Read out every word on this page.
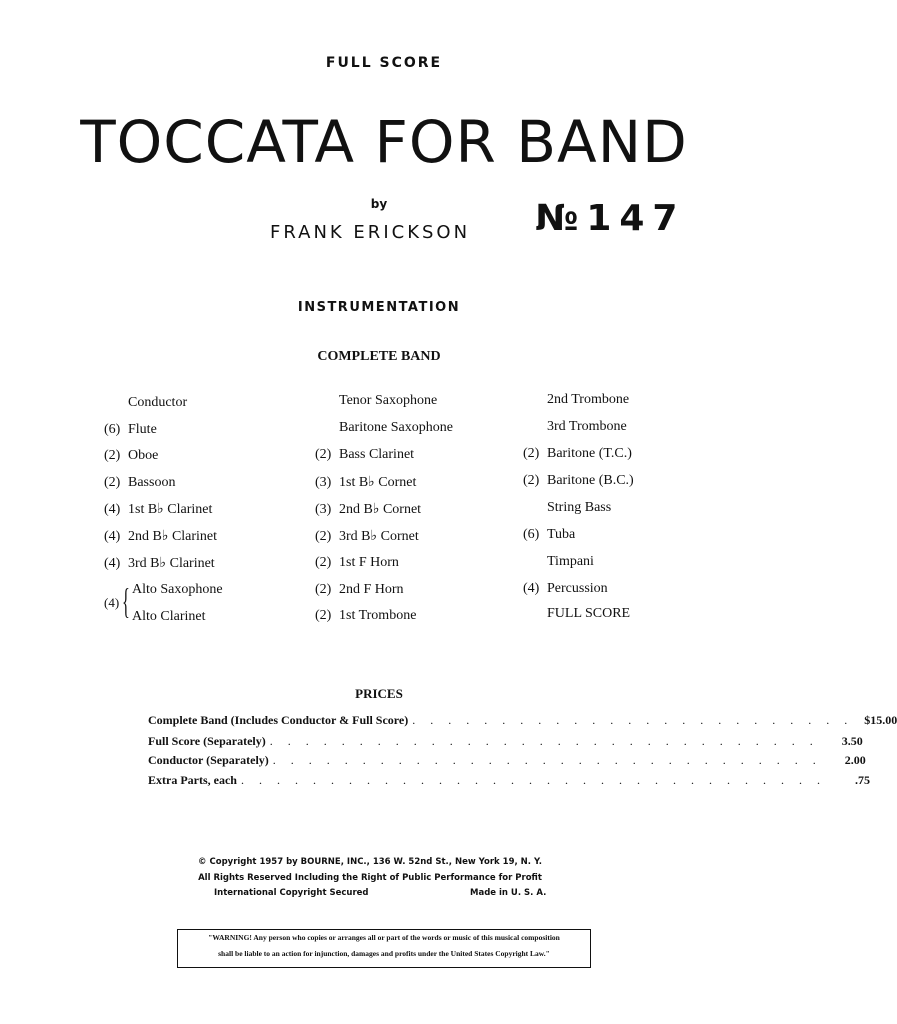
FULL SCORE
TOCCATA FOR BAND
by
FRANK ERICKSON №147
INSTRUMENTATION
COMPLETE BAND
Conductor
(6) Flute
(2) Oboe
(2) Bassoon
(4) 1st B♭ Clarinet
(4) 2nd B♭ Clarinet
(4) 3rd B♭ Clarinet
(4) { Alto Saxophone
Alto Clarinet
Tenor Saxophone
Baritone Saxophone
(2) Bass Clarinet
(3) 1st B♭ Cornet
(3) 2nd B♭ Cornet
(2) 3rd B♭ Cornet
(2) 1st F Horn
(2) 2nd F Horn
(2) 1st Trombone
2nd Trombone
3rd Trombone
(2) Baritone (T.C.)
(2) Baritone (B.C.)
String Bass
(6) Tuba
Timpani
(4) Percussion
FULL SCORE
PRICES
Complete Band (Includes Conductor & Full Score) . . . . . . . . . . . . . . . . . . . . . . . . . $15.00
Full Score (Separately) . . . . . . . . . . . . . . . . . . . . . . . . . . . . . . .	3.50
Conductor (Separately) . . . . . . . . . . . . . . . . . . . . . . . . . . . . . . .	2.00
Extra Parts, each . . . . . . . . . . . . . . . . . . . . . . . . . . . . . . . . .	.75
© Copyright 1957 by BOURNE, INC., 136 W. 52nd St., New York 19, N. Y.
All Rights Reserved Including the Right of Public Performance for Profit
International Copyright Secured	Made in U. S. A.
"WARNING! Any person who copies or arranges all or part of the words or music of this musical composition
shall be liable to an action for injunction, damages and profits under the United States Copyright Law."
